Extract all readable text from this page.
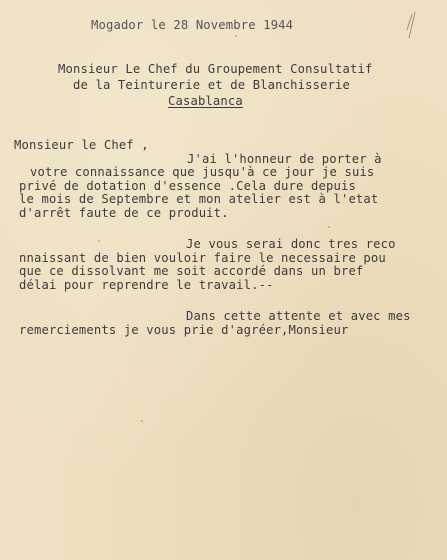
Mogador le 28 Novembre 1944
Monsieur Le Chef du Groupement Consultatif
de la Teinturerie et de Blanchisserie
Casablanca
Monsieur le Chef ,
J'ai l'honneur de porter à
votre connaissance que jusqu'à ce jour je suis
privé de dotation d'essence .Cela dure depuis
le mois de Septembre et mon atelier est à l'etat
d'arrêt faute de ce produit.
Je vous serai donc tres reco
nnaissant de bien vouloir faire le necessaire pou
que ce dissolvant me soit accordé dans un bref
délai pour reprendre le travail.--
Dans cette attente et avec mes
remerciements je vous prie d'agréer,Monsieur
